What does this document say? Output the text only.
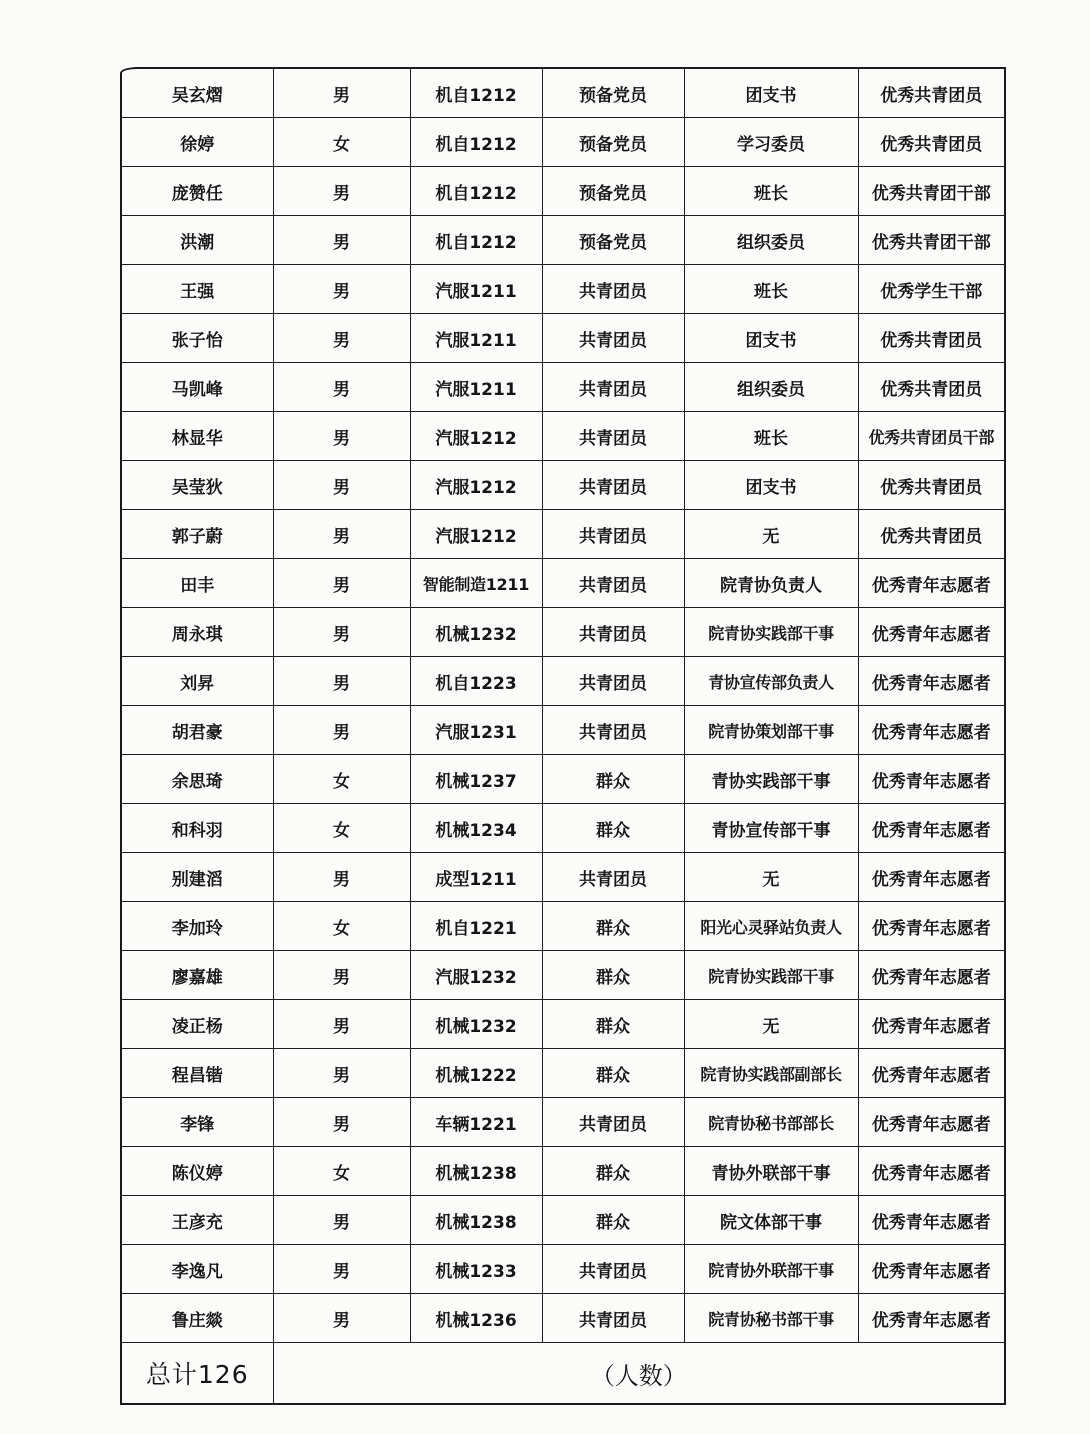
吴玄熠	男	机自1212	预备党员	团支书	优秀共青团员
徐婷	女	机自1212	预备党员	学习委员	优秀共青团员
庞赞任	男	机自1212	预备党员	班长	优秀共青团干部
洪潮	男	机自1212	预备党员	组织委员	优秀共青团干部
王强	男	汽服1211	共青团员	班长	优秀学生干部
张子怡	男	汽服1211	共青团员	团支书	优秀共青团员
马凯峰	男	汽服1211	共青团员	组织委员	优秀共青团员
林显华	男	汽服1212	共青团员	班长	优秀共青团员干部
吴莹狄	男	汽服1212	共青团员	团支书	优秀共青团员
郭子蔚	男	汽服1212	共青团员	无	优秀共青团员
田丰	男	智能制造1211	共青团员	院青协负责人	优秀青年志愿者
周永琪	男	机械1232	共青团员	院青协实践部干事	优秀青年志愿者
刘昇	男	机自1223	共青团员	青协宣传部负责人	优秀青年志愿者
胡君豪	男	汽服1231	共青团员	院青协策划部干事	优秀青年志愿者
余思琦	女	机械1237	群众	青协实践部干事	优秀青年志愿者
和科羽	女	机械1234	群众	青协宣传部干事	优秀青年志愿者
别建滔	男	成型1211	共青团员	无	优秀青年志愿者
李加玲	女	机自1221	群众	阳光心灵驿站负责人	优秀青年志愿者
廖嘉雄	男	汽服1232	群众	院青协实践部干事	优秀青年志愿者
凌正杨	男	机械1232	群众	无	优秀青年志愿者
程昌锴	男	机械1222	群众	院青协实践部副部长	优秀青年志愿者
李锋	男	车辆1221	共青团员	院青协秘书部部长	优秀青年志愿者
陈仪婷	女	机械1238	群众	青协外联部干事	优秀青年志愿者
王彦充	男	机械1238	群众	院文体部干事	优秀青年志愿者
李逸凡	男	机械1233	共青团员	院青协外联部干事	优秀青年志愿者
鲁庄燚	男	机械1236	共青团员	院青协秘书部干事	优秀青年志愿者
总计126	（人数）				
